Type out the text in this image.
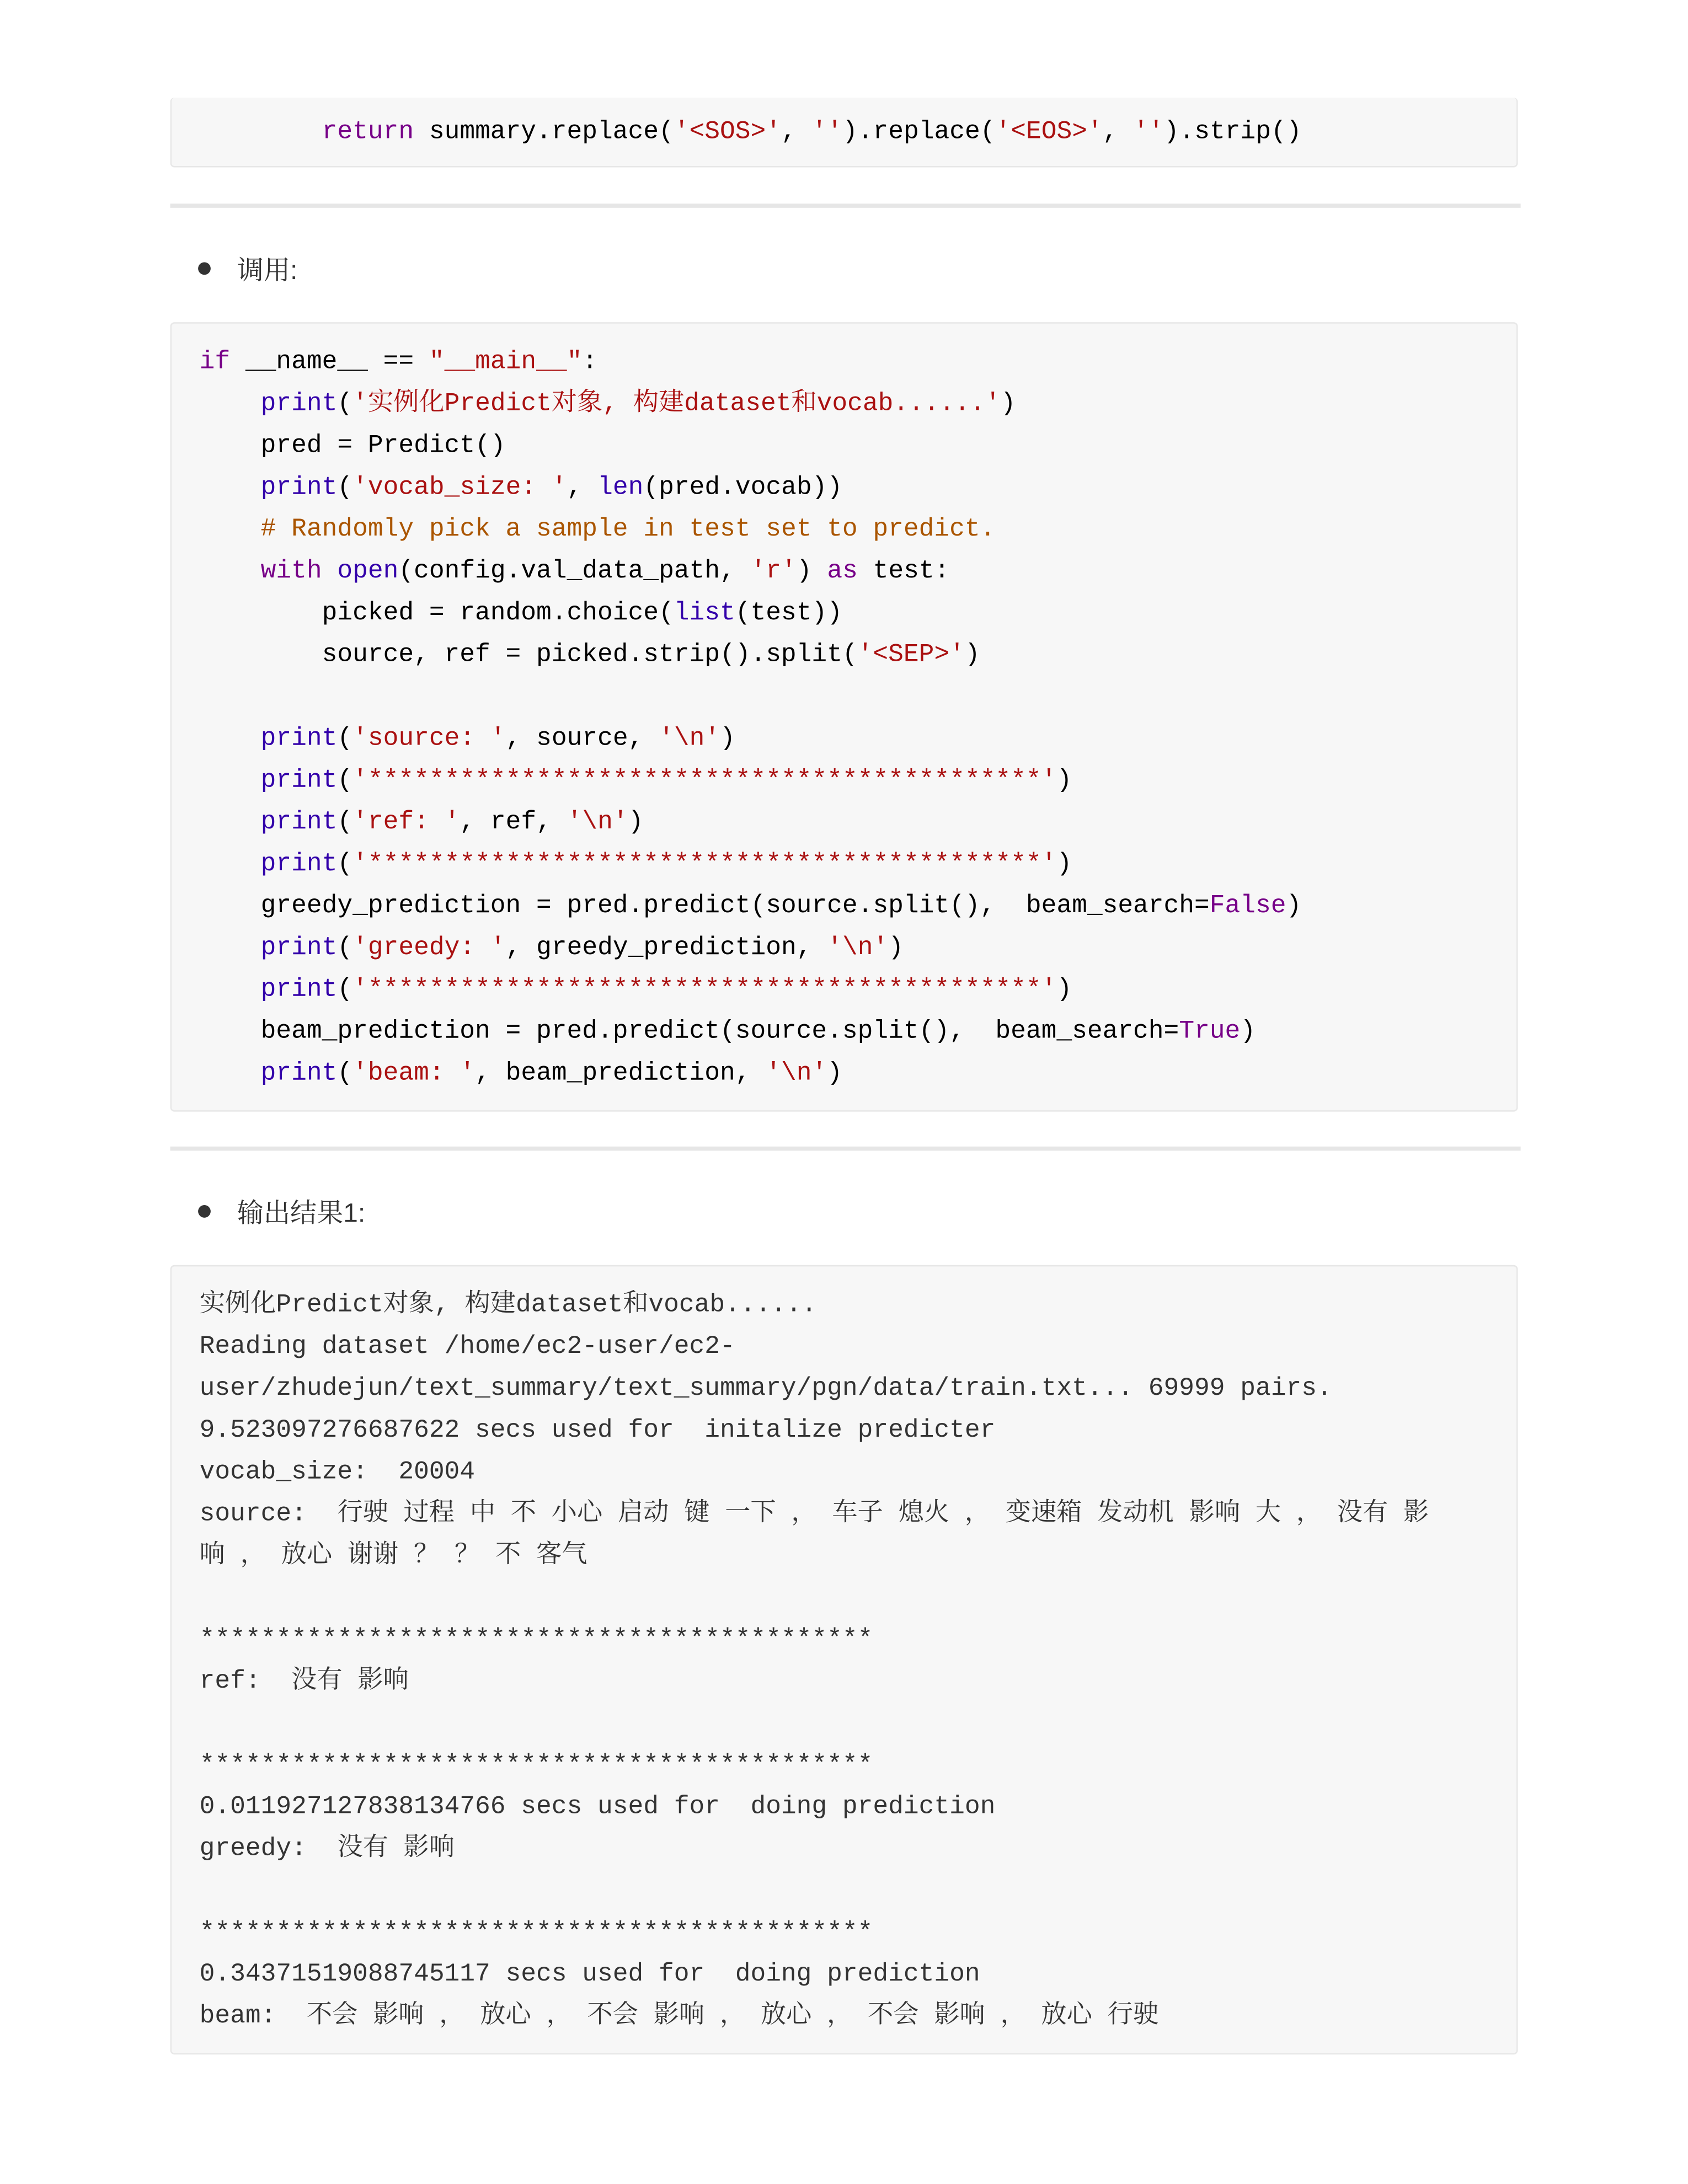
return summary.replace('<SOS>', '').replace('<EOS>', '').strip()
调用:
if __name__ == "__main__":
print('实例化Predict对象, 构建dataset和vocab......')
pred = Predict()
print('vocab_size: ', len(pred.vocab))
# Randomly pick a sample in test set to predict.
with open(config.val_data_path, 'r') as test:
picked = random.choice(list(test))
source, ref = picked.strip().split('<SEP>')
print('source: ', source, '\n')
print('********************************************')
print('ref: ', ref, '\n')
print('********************************************')
greedy_prediction = pred.predict(source.split(),  beam_search=False)
print('greedy: ', greedy_prediction, '\n')
print('********************************************')
beam_prediction = pred.predict(source.split(),  beam_search=True)
print('beam: ', beam_prediction, '\n')
输出结果1:
实例化Predict对象, 构建dataset和vocab......
Reading dataset /home/ec2-user/ec2-
user/zhudejun/text_summary/text_summary/pgn/data/train.txt... 69999 pairs.
9.523097276687622 secs used for  initalize predicter
vocab_size:  20004
source:  行驶 过程 中 不 小心 启动 键 一下 ， 车子 熄火 ， 变速箱 发动机 影响 大 ， 没有 影
响 ， 放心 谢谢 ？ ？ 不 客气
********************************************
ref:  没有 影响
********************************************
0.011927127838134766 secs used for  doing prediction
greedy:  没有 影响
********************************************
0.34371519088745117 secs used for  doing prediction
beam:  不会 影响 ， 放心 ， 不会 影响 ， 放心 ， 不会 影响 ， 放心 行驶
